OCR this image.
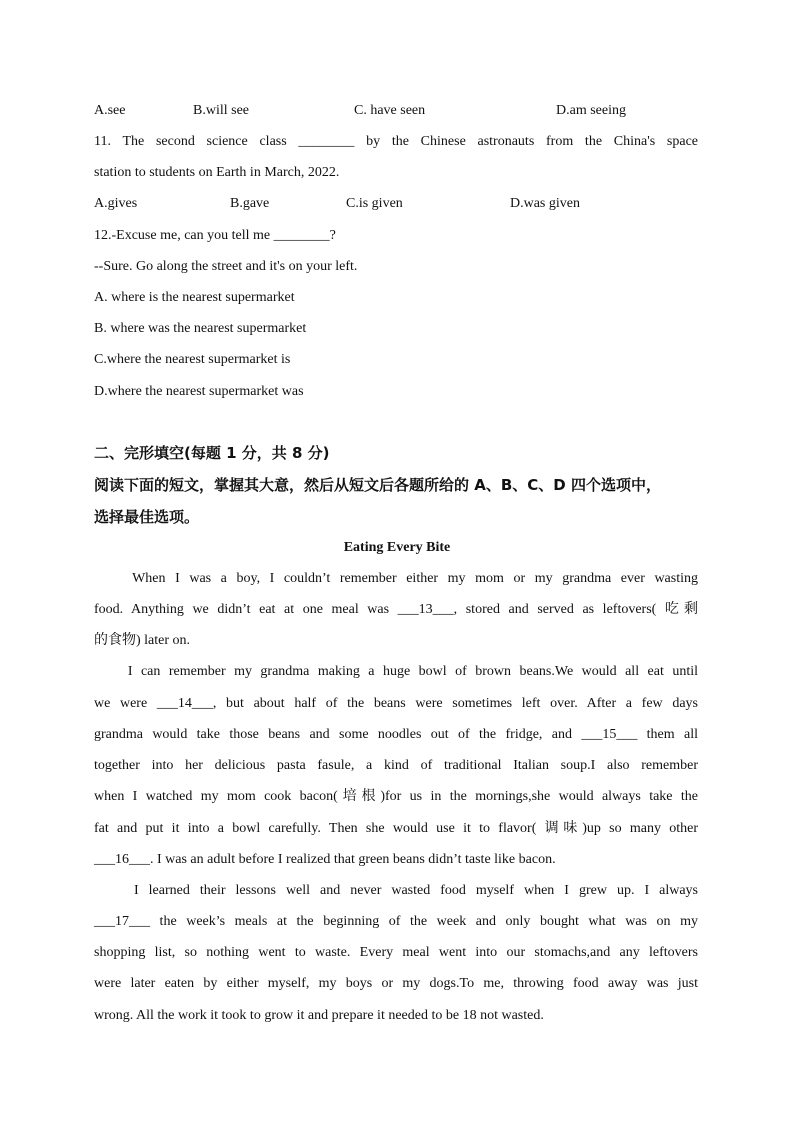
A.see	B.will see	C. have seen	D.am seeing
11. The second science class ________ by the Chinese astronauts from the China's space
station to students on Earth in March, 2022.
A.gives	B.gave	C.is given	D.was given
12.-Excuse me, can you tell me ________?
--Sure. Go along the street and it's on your left.
A. where is the nearest supermarket
B. where was the nearest supermarket
C.where the nearest supermarket is
D.where the nearest supermarket was
二、完形填空(每题 1 分，共 8 分)
阅读下面的短文，掌握其大意，然后从短文后各题所给的 A、B、C、D 四个选项中，
选择最佳选项。
Eating Every Bite
When I was a boy, I couldn’t remember either my mom or my grandma ever wasting
food. Anything we didn’t eat at one meal was ___13___, stored and served as leftovers( 吃剩
的食物) later on.
I can remember my grandma making a huge bowl of brown beans.We would all eat until
we were ___14___, but about half of the beans were sometimes left over. After a few days
grandma would take those beans and some noodles out of the fridge, and ___15___ them all
together into her delicious pasta fasule, a kind of traditional Italian soup.I also remember
when I watched my mom cook bacon(培根)for us in the mornings,she would always take the
fat and put it into a bowl carefully. Then she would use it to flavor( 调味)up so many other
___16___. I was an adult before I realized that green beans didn’t taste like bacon.
I learned their lessons well and never wasted food myself when I grew up. I always
___17___ the week’s meals at the beginning of the week and only bought what was on my
shopping list, so nothing went to waste. Every meal went into our stomachs,and any leftovers
were later eaten by either myself, my boys or my dogs.To me, throwing food away was just
wrong. All the work it took to grow it and prepare it needed to be 18 not wasted.
